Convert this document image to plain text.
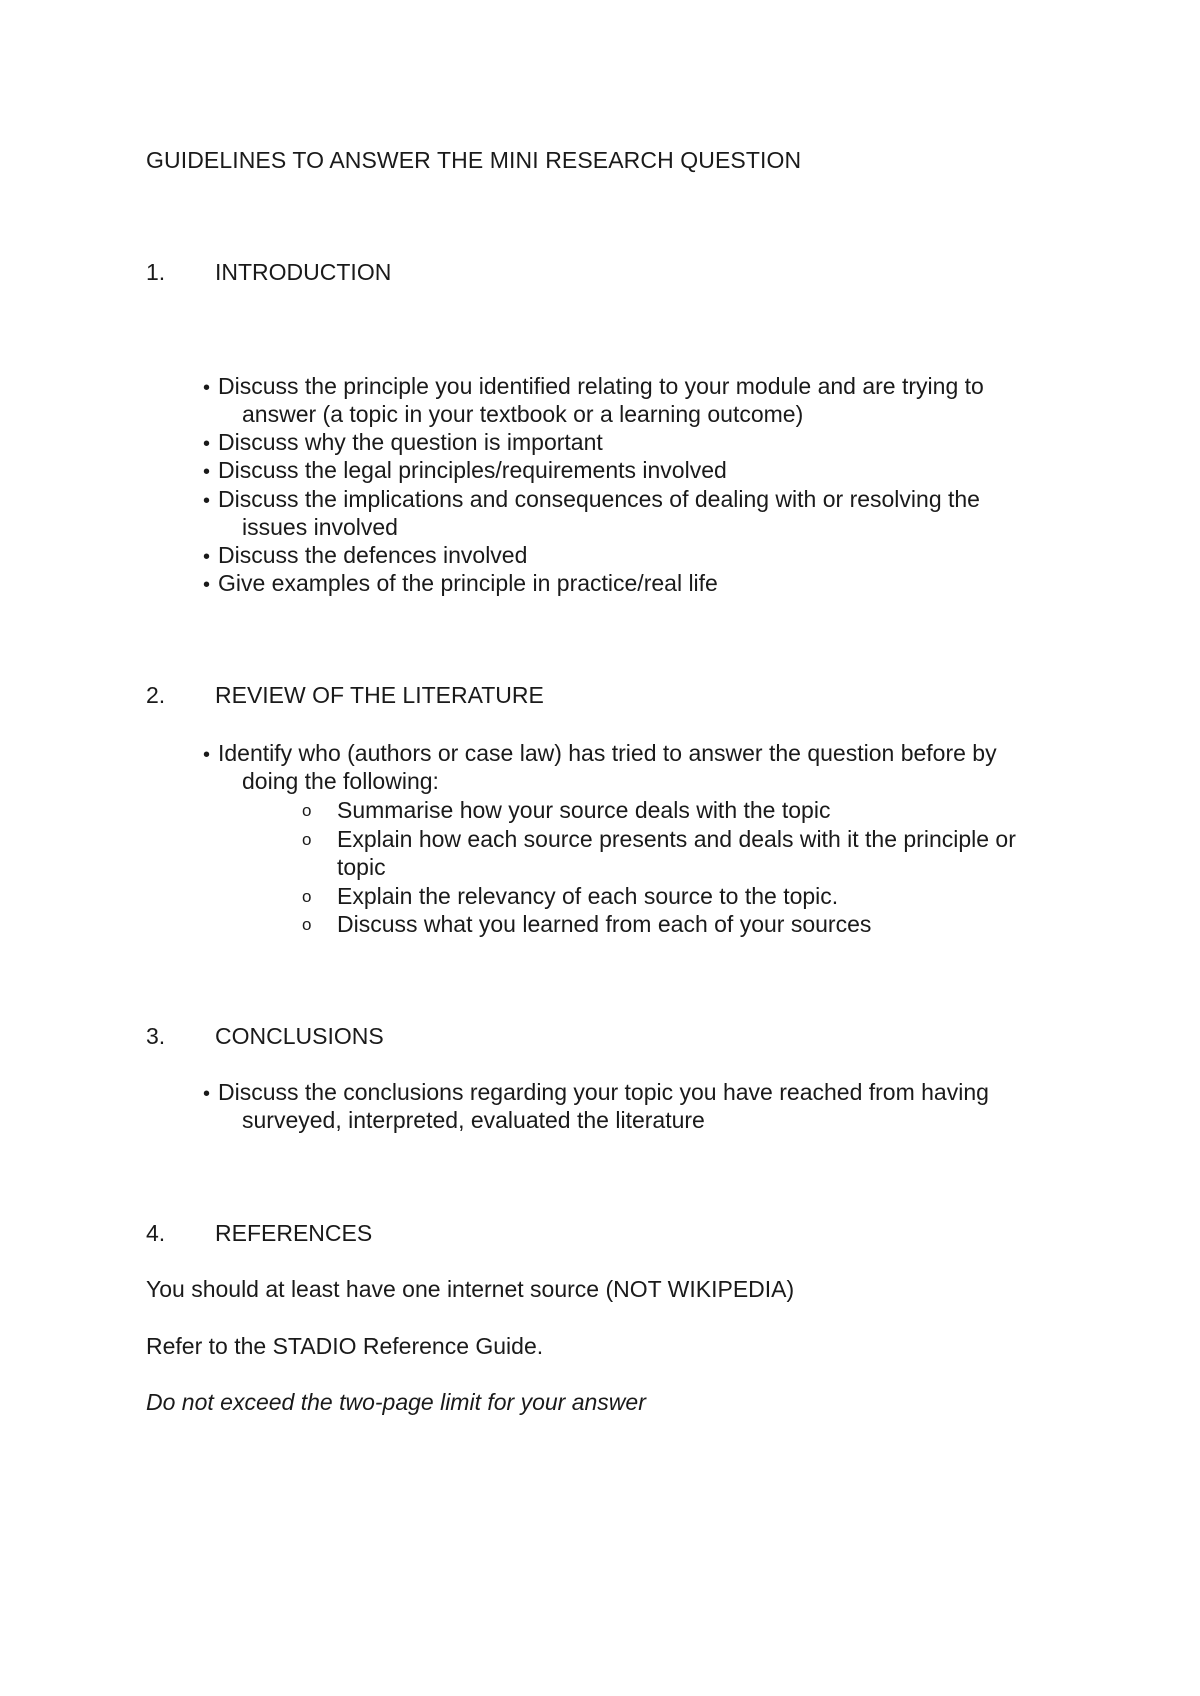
GUIDELINES TO ANSWER THE MINI RESEARCH QUESTION
1. INTRODUCTION
• Discuss the principle you identified relating to your module and are trying to
answer (a topic in your textbook or a learning outcome)
• Discuss why the question is important
• Discuss the legal principles/requirements involved
• Discuss the implications and consequences of dealing with or resolving the
issues involved
• Discuss the defences involved
• Give examples of the principle in practice/real life
2. REVIEW OF THE LITERATURE
• Identify who (authors or case law) has tried to answer the question before by
doing the following:
o Summarise how your source deals with the topic
o Explain how each source presents and deals with it the principle or
topic
o Explain the relevancy of each source to the topic.
o Discuss what you learned from each of your sources
3. CONCLUSIONS
• Discuss the conclusions regarding your topic you have reached from having
surveyed, interpreted, evaluated the literature
4. REFERENCES
You should at least have one internet source (NOT WIKIPEDIA)
Refer to the STADIO Reference Guide.
Do not exceed the two-page limit for your answer
